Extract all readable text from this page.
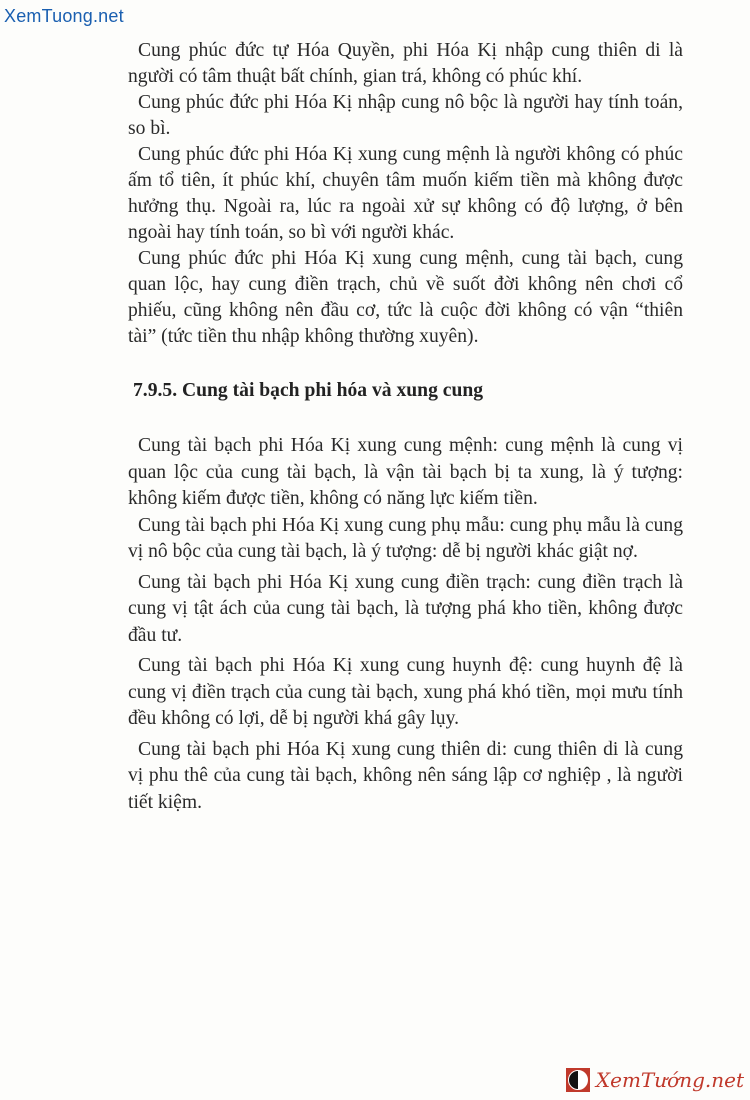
XemTuong.net

Cung phúc đức tự Hóa Quyền, phi Hóa Kị nhập cung thiên di là người có tâm thuật bất chính, gian trá, không có phúc khí.

Cung phúc đức phi Hóa Kị nhập cung nô bộc là người hay tính toán, so bì.

Cung phúc đức phi Hóa Kị xung cung mệnh là người không có phúc ấm tổ tiên, ít phúc khí, chuyên tâm muốn kiếm tiền mà không được hưởng thụ. Ngoài ra, lúc ra ngoài xử sự không có độ lượng, ở bên ngoài hay tính toán, so bì với người khác.

Cung phúc đức phi Hóa Kị xung cung mệnh, cung tài bạch, cung quan lộc, hay cung điền trạch, chủ về suốt đời không nên chơi cổ phiếu, cũng không nên đầu cơ, tức là cuộc đời không có vận “thiên tài” (tức tiền thu nhập không thường xuyên).

7.9.5. Cung tài bạch phi hóa và xung cung

Cung tài bạch phi Hóa Kị xung cung mệnh: cung mệnh là cung vị quan lộc của cung tài bạch, là vận tài bạch bị ta xung, là ý tượng: không kiếm được tiền, không có năng lực kiếm tiền.

Cung tài bạch phi Hóa Kị xung cung phụ mẫu: cung phụ mẫu là cung vị nô bộc của cung tài bạch, là ý tượng: dễ bị người khác giật nợ.

Cung tài bạch phi Hóa Kị xung cung điền trạch: cung điền trạch là cung vị tật ách của cung tài bạch, là tượng phá kho tiền, không được đầu tư.

Cung tài bạch phi Hóa Kị xung cung huynh đệ: cung huynh đệ là cung vị điền trạch của cung tài bạch, xung phá khó tiền, mọi mưu tính đều không có lợi, dễ bị người khá gây lụy.

Cung tài bạch phi Hóa Kị xung cung thiên di: cung thiên di là cung vị phu thê của cung tài bạch, không nên sáng lập cơ nghiệp , là người tiết kiệm.

XemTướng.net
